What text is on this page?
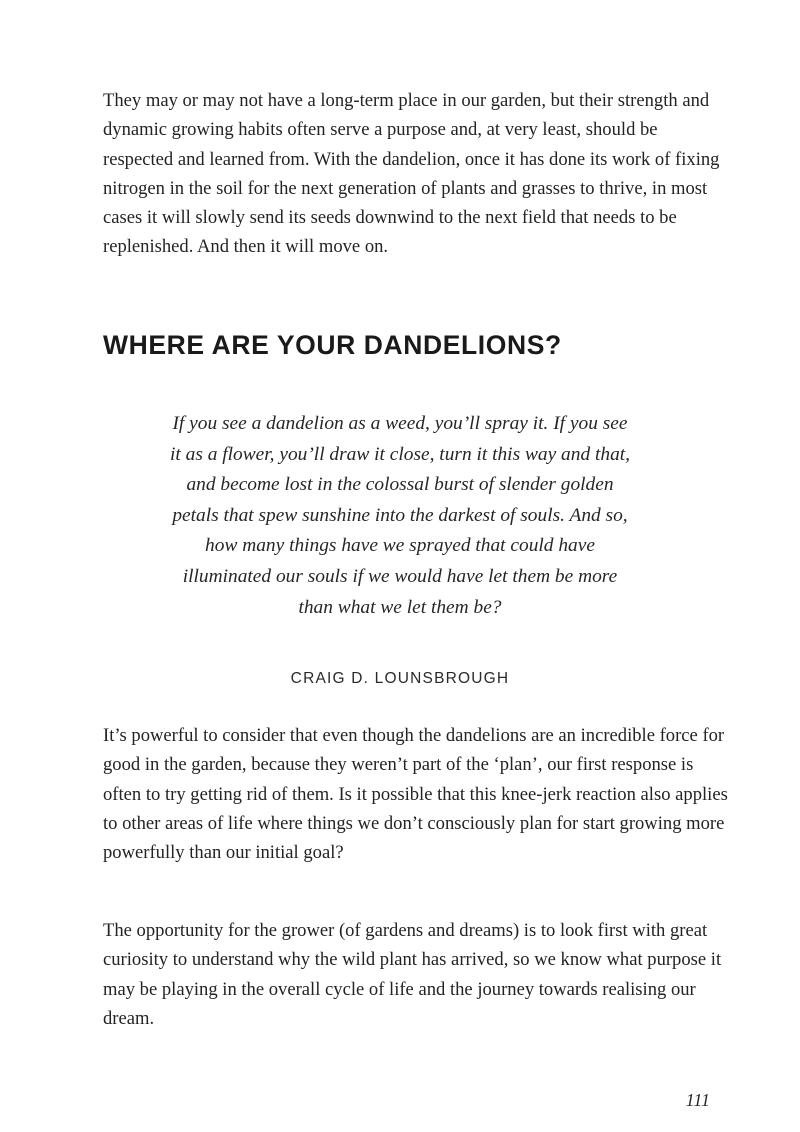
They may or may not have a long-term place in our garden, but their strength and dynamic growing habits often serve a purpose and, at very least, should be respected and learned from. With the dandelion, once it has done its work of fixing nitrogen in the soil for the next generation of plants and grasses to thrive, in most cases it will slowly send its seeds downwind to the next field that needs to be replenished. And then it will move on.

WHERE ARE YOUR DANDELIONS?
If you see a dandelion as a weed, you’ll spray it. If you see it as a flower, you’ll draw it close, turn it this way and that, and become lost in the colossal burst of slender golden petals that spew sunshine into the darkest of souls. And so, how many things have we sprayed that could have illuminated our souls if we would have let them be more than what we let them be?

CRAIG D. LOUNSBROUGH

It’s powerful to consider that even though the dandelions are an incredible force for good in the garden, because they weren’t part of the ‘plan’, our first response is often to try getting rid of them. Is it possible that this knee-jerk reaction also applies to other areas of life where things we don’t consciously plan for start growing more powerfully than our initial goal?

The opportunity for the grower (of gardens and dreams) is to look first with great curiosity to understand why the wild plant has arrived, so we know what purpose it may be playing in the overall cycle of life and the journey towards realising our dream.

111
